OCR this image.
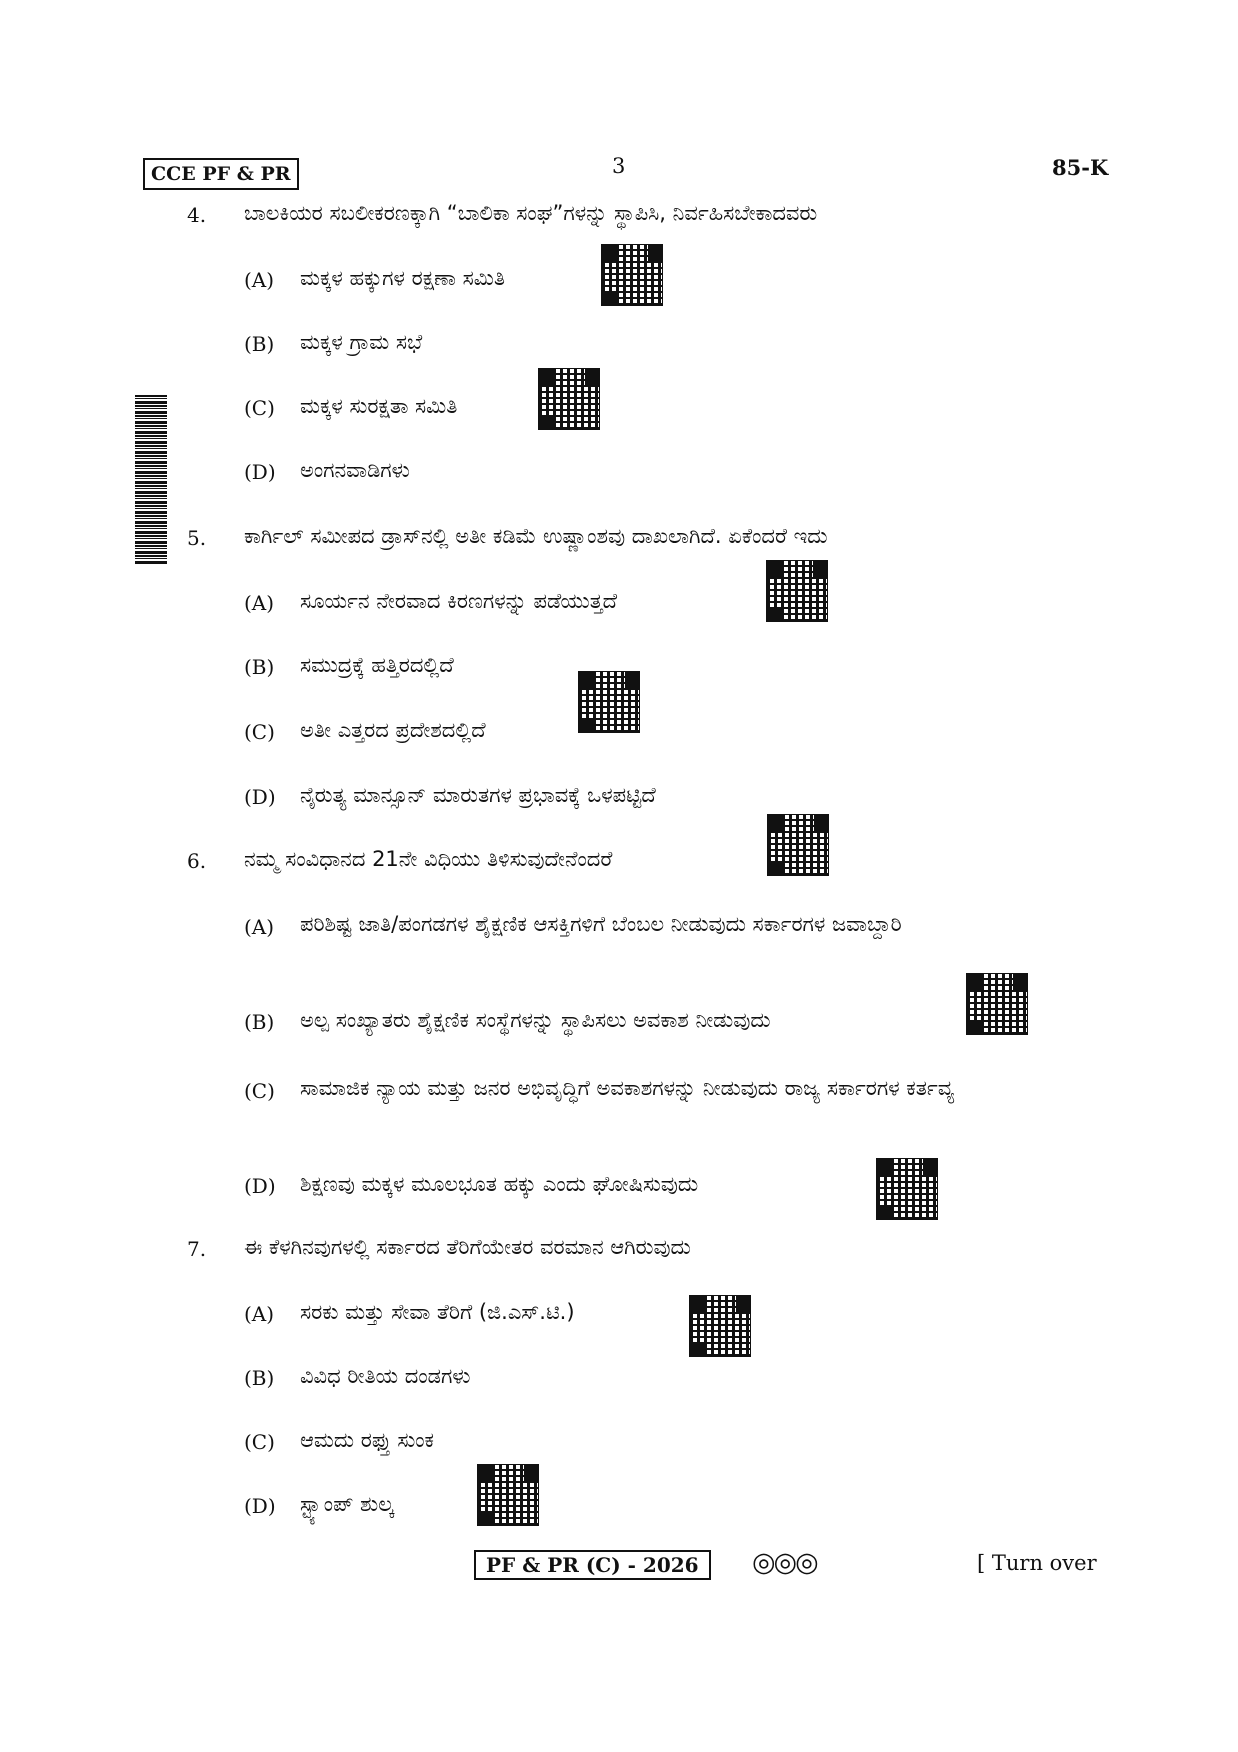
CCE PF & PR	3	85-K
4. ಬಾಲಕಿಯರ ಸಬಲೀಕರಣಕ್ಕಾಗಿ “ಬಾಲಿಕಾ ಸಂಘ”ಗಳನ್ನು ಸ್ಥಾಪಿಸಿ, ನಿರ್ವಹಿಸಬೇಕಾದವರು
(A) ಮಕ್ಕಳ ಹಕ್ಕುಗಳ ರಕ್ಷಣಾ ಸಮಿತಿ
(B) ಮಕ್ಕಳ ಗ್ರಾಮ ಸಭೆ
(C) ಮಕ್ಕಳ ಸುರಕ್ಷತಾ ಸಮಿತಿ
(D) ಅಂಗನವಾಡಿಗಳು
5. ಕಾರ್ಗಿಲ್ ಸಮೀಪದ ಡ್ರಾಸ್‌ನಲ್ಲಿ ಅತೀ ಕಡಿಮೆ ಉಷ್ಣಾಂಶವು ದಾಖಲಾಗಿದೆ. ಏಕೆಂದರೆ ಇದು
(A) ಸೂರ್ಯನ ನೇರವಾದ ಕಿರಣಗಳನ್ನು ಪಡೆಯುತ್ತದೆ
(B) ಸಮುದ್ರಕ್ಕೆ ಹತ್ತಿರದಲ್ಲಿದೆ
(C) ಅತೀ ಎತ್ತರದ ಪ್ರದೇಶದಲ್ಲಿದೆ
(D) ನೈರುತ್ಯ ಮಾನ್ಸೂನ್ ಮಾರುತಗಳ ಪ್ರಭಾವಕ್ಕೆ ಒಳಪಟ್ಟಿದೆ
6. ನಮ್ಮ ಸಂವಿಧಾನದ 21ನೇ ವಿಧಿಯು ತಿಳಿಸುವುದೇನೆಂದರೆ
(A) ಪರಿಶಿಷ್ಟ ಜಾತಿ/ಪಂಗಡಗಳ ಶೈಕ್ಷಣಿಕ ಆಸಕ್ತಿಗಳಿಗೆ ಬೆಂಬಲ ನೀಡುವುದು ಸರ್ಕಾರಗಳ ಜವಾಬ್ದಾರಿ
(B) ಅಲ್ಪ ಸಂಖ್ಯಾತರು ಶೈಕ್ಷಣಿಕ ಸಂಸ್ಥೆಗಳನ್ನು ಸ್ಥಾಪಿಸಲು ಅವಕಾಶ ನೀಡುವುದು
(C) ಸಾಮಾಜಿಕ ನ್ಯಾಯ ಮತ್ತು ಜನರ ಅಭಿವೃದ್ಧಿಗೆ ಅವಕಾಶಗಳನ್ನು ನೀಡುವುದು ರಾಜ್ಯ ಸರ್ಕಾರಗಳ ಕರ್ತವ್ಯ
(D) ಶಿಕ್ಷಣವು ಮಕ್ಕಳ ಮೂಲಭೂತ ಹಕ್ಕು ಎಂದು ಘೋಷಿಸುವುದು
7. ಈ ಕೆಳಗಿನವುಗಳಲ್ಲಿ ಸರ್ಕಾರದ ತೆರಿಗೆಯೇತರ ವರಮಾನ ಆಗಿರುವುದು
(A) ಸರಕು ಮತ್ತು ಸೇವಾ ತೆರಿಗೆ (ಜಿ.ಎಸ್.ಟಿ.)
(B) ವಿವಿಧ ರೀತಿಯ ದಂಡಗಳು
(C) ಆಮದು ರಫ್ತು ಸುಂಕ
(D) ಸ್ಟ್ಯಾಂಪ್ ಶುಲ್ಕ
PF & PR (C) - 2026	◎◎◎	[ Turn over
